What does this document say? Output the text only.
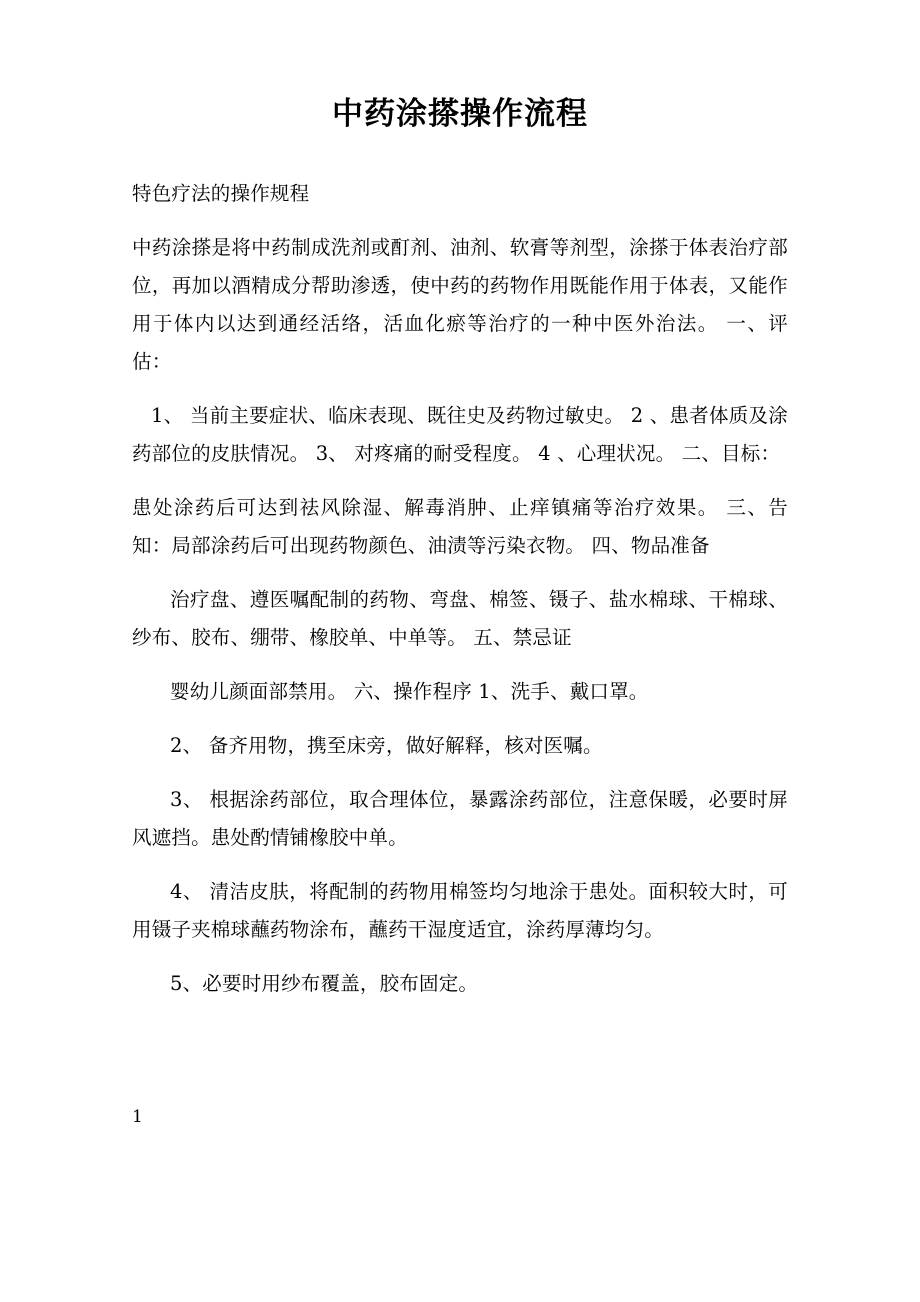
中药涂搽操作流程

特色疗法的操作规程

中药涂搽是将中药制成洗剂或酊剂、油剂、软膏等剂型，涂搽于体表治疗部位，再加以酒精成分帮助渗透，使中药的药物作用既能作用于体表，又能作用于体内以达到通经活络，活血化瘀等治疗的一种中医外治法。 一、评估：

1、 当前主要症状、临床表现、既往史及药物过敏史。 2 、患者体质及涂药部位的皮肤情况。 3、 对疼痛的耐受程度。 4 、心理状况。 二、目标：

患处涂药后可达到祛风除湿、解毒消肿、止痒镇痛等治疗效果。 三、告知：局部涂药后可出现药物颜色、油渍等污染衣物。 四、物品准备

治疗盘、遵医嘱配制的药物、弯盘、棉签、镊子、盐水棉球、干棉球、纱布、胶布、绷带、橡胶单、中单等。 五、禁忌证

婴幼儿颜面部禁用。 六、操作程序 1、洗手、戴口罩。

2、 备齐用物，携至床旁，做好解释，核对医嘱。

3、 根据涂药部位，取合理体位，暴露涂药部位，注意保暖，必要时屏风遮挡。患处酌情铺橡胶中单。

4、 清洁皮肤，将配制的药物用棉签均匀地涂于患处。面积较大时，可用镊子夹棉球蘸药物涂布，蘸药干湿度适宜，涂药厚薄均匀。

5、必要时用纱布覆盖，胶布固定。

1
